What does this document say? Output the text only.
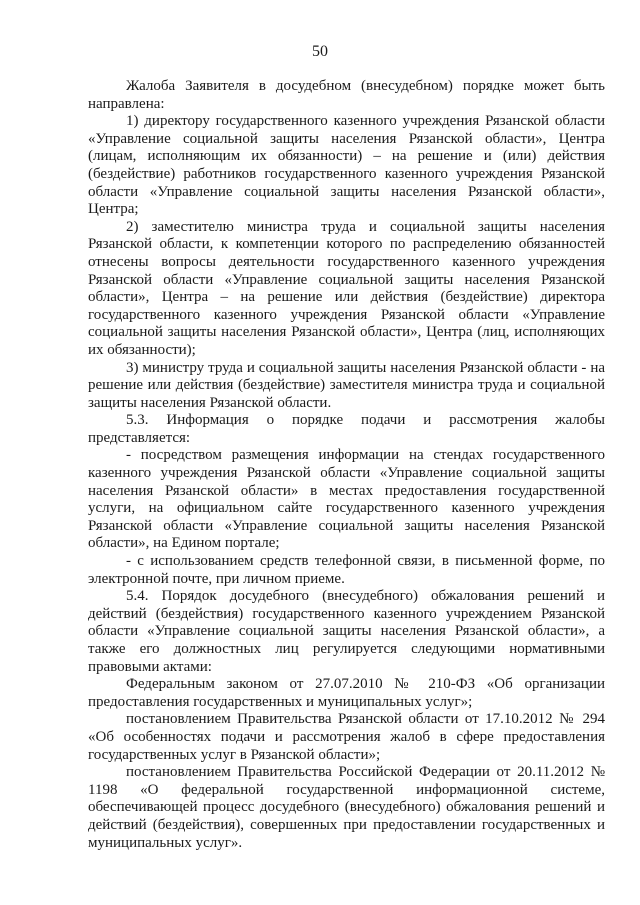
50

Жалоба Заявителя в досудебном (внесудебном) порядке может быть направлена:

1) директору государственного казенного учреждения Рязанской области «Управление социальной защиты населения Рязанской области», Центра (лицам, исполняющим их обязанности) – на решение и (или) действия (бездействие) работников государственного казенного учреждения Рязанской области «Управление социальной защиты населения Рязанской области», Центра;

2) заместителю министра труда и социальной защиты населения Рязанской области, к компетенции которого по распределению обязанностей отнесены вопросы деятельности государственного казенного учреждения Рязанской области «Управление социальной защиты населения Рязанской области», Центра – на решение или действия (бездействие) директора государственного казенного учреждения Рязанской области «Управление социальной защиты населения Рязанской области», Центра (лиц, исполняющих их обязанности);

3) министру труда и социальной защиты населения Рязанской области - на решение или действия (бездействие) заместителя министра труда и социальной защиты населения Рязанской области.

5.3. Информация о порядке подачи и рассмотрения жалобы представляется:

- посредством размещения информации на стендах государственного казенного учреждения Рязанской области «Управление социальной защиты населения Рязанской области» в местах предоставления государственной услуги, на официальном сайте государственного казенного учреждения Рязанской области «Управление социальной защиты населения Рязанской области», на Едином портале;

- с использованием средств телефонной связи, в письменной форме, по электронной почте, при личном приеме.

5.4. Порядок досудебного (внесудебного) обжалования решений и действий (бездействия) государственного казенного учреждением Рязанской области «Управление социальной защиты населения Рязанской области», а также его должностных лиц регулируется следующими нормативными правовыми актами:

Федеральным законом от 27.07.2010 № 210-ФЗ «Об организации предоставления государственных и муниципальных услуг»;

постановлением Правительства Рязанской области от 17.10.2012 № 294 «Об особенностях подачи и рассмотрения жалоб в сфере предоставления государственных услуг в Рязанской области»;

постановлением Правительства Российской Федерации от 20.11.2012 № 1198 «О федеральной государственной информационной системе, обеспечивающей процесс досудебного (внесудебного) обжалования решений и действий (бездействия), совершенных при предоставлении государственных и муниципальных услуг».
